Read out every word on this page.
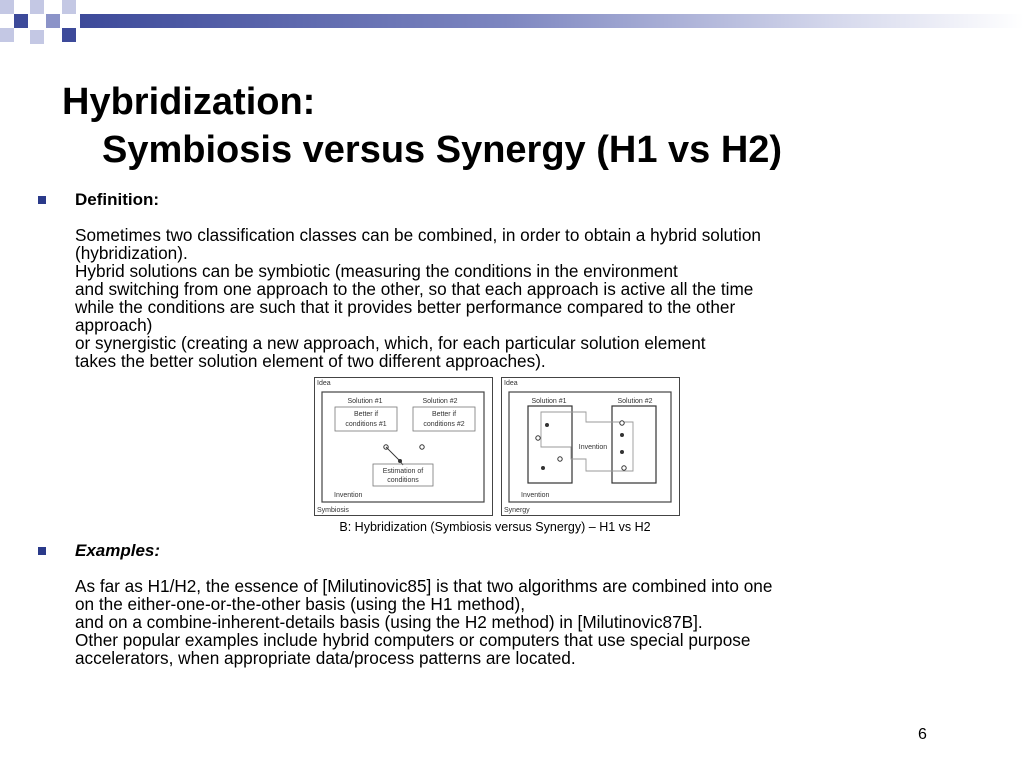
Hybridization:
Symbiosis versus Synergy (H1 vs H2)
Definition:
Sometimes two classification classes can be combined, in order to obtain a hybrid solution
(hybridization).
Hybrid solutions can be symbiotic (measuring the conditions in the environment
and switching from one approach to the other, so that each approach is active all the time
while the conditions are such that it provides better performance compared to the other
approach)
or synergistic (creating a new approach, which, for each particular solution element
takes the better solution element of two different approaches).
Idea
Solution #1	Solution #2
Better if
conditions #1
Better if
conditions #2
Estimation of
conditions
Invention
Symbiosis
Idea
Solution #1	Solution #2
Invention
Invention
Synergy
B: Hybridization (Symbiosis versus Synergy) – H1 vs H2
Examples:
As far as H1/H2, the essence of [Milutinovic85] is that two algorithms are combined into one
on the either-one-or-the-other basis (using the H1 method),
and on a combine-inherent-details basis (using the H2 method) in [Milutinovic87B].
Other popular examples include hybrid computers or computers that use special purpose
accelerators, when appropriate data/process patterns are located.
6
